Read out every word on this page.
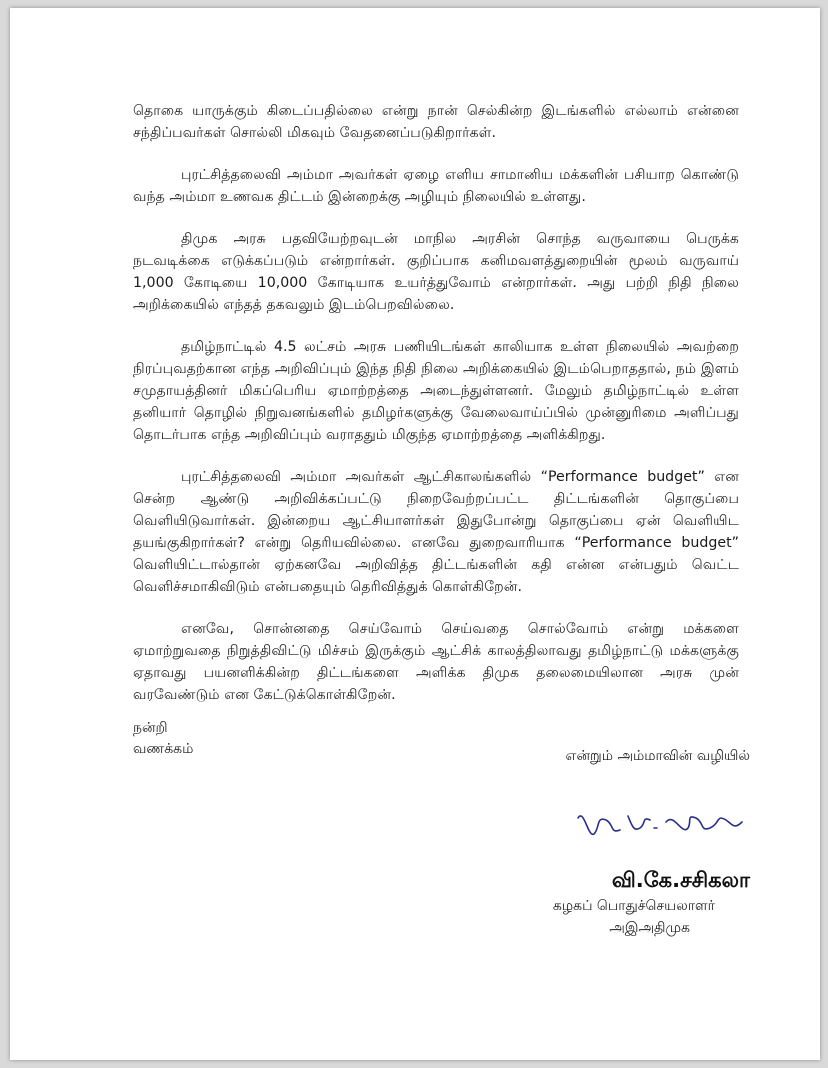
தொகை யாருக்கும் கிடைப்பதில்லை என்று நான் செல்கின்ற இடங்களில் எல்லாம் என்னை சந்திப்பவர்கள் சொல்லி மிகவும் வேதனைப்படுகிறார்கள்.

புரட்சித்தலைவி அம்மா அவர்கள் ஏழை எளிய சாமானிய மக்களின் பசியாற கொண்டு வந்த அம்மா உணவக திட்டம் இன்றைக்கு அழியும் நிலையில் உள்ளது.

திமுக அரசு பதவியேற்றவுடன் மாநில அரசின் சொந்த வருவாயை பெருக்க நடவடிக்கை எடுக்கப்படும் என்றார்கள். குறிப்பாக கனிமவளத்துறையின் மூலம் வருவாய் 1,000 கோடியை 10,000 கோடியாக உயர்த்துவோம் என்றார்கள். அது பற்றி நிதி நிலை அறிக்கையில் எந்தத் தகவலும் இடம்பெறவில்லை.

தமிழ்நாட்டில் 4.5 லட்சம் அரசு பணியிடங்கள் காலியாக உள்ள நிலையில் அவற்றை நிரப்புவதற்கான எந்த அறிவிப்பும் இந்த நிதி நிலை அறிக்கையில் இடம்பெறாததால், நம் இளம் சமுதாயத்தினர் மிகப்பெரிய ஏமாற்றத்தை அடைந்துள்ளனர். மேலும் தமிழ்நாட்டில் உள்ள தனியார் தொழில் நிறுவனங்களில் தமிழர்களுக்கு வேலைவாய்ப்பில் முன்னுரிமை அளிப்பது தொடர்பாக எந்த அறிவிப்பும் வராததும் மிகுந்த ஏமாற்றத்தை அளிக்கிறது.

புரட்சித்தலைவி அம்மா அவர்கள் ஆட்சிகாலங்களில் “Performance budget” என சென்ற ஆண்டு அறிவிக்கப்பட்டு நிறைவேற்றப்பட்ட திட்டங்களின் தொகுப்பை வெளியிடுவார்கள். இன்றைய ஆட்சியாளர்கள் இதுபோன்று தொகுப்பை ஏன் வெளியிட தயங்குகிறார்கள்? என்று தெரியவில்லை. எனவே துறைவாரியாக “Performance budget” வெளியிட்டால்தான் ஏற்கனவே அறிவித்த திட்டங்களின் கதி என்ன என்பதும் வெட்ட வெளிச்சமாகிவிடும் என்பதையும் தெரிவித்துக் கொள்கிறேன்.

எனவே, சொன்னதை செய்வோம் செய்வதை சொல்வோம் என்று மக்களை ஏமாற்றுவதை நிறுத்திவிட்டு மிச்சம் இருக்கும் ஆட்சிக் காலத்திலாவது தமிழ்நாட்டு மக்களுக்கு ஏதாவது பயனளிக்கின்ற திட்டங்களை அளிக்க திமுக தலைமையிலான அரசு முன் வரவேண்டும் என கேட்டுக்கொள்கிறேன்.

நன்றி
வணக்கம்	என்றும் அம்மாவின் வழியில்
வி.கே.சசிகலா
கழகப் பொதுச்செயலாளர்
அஇஅதிமுக
